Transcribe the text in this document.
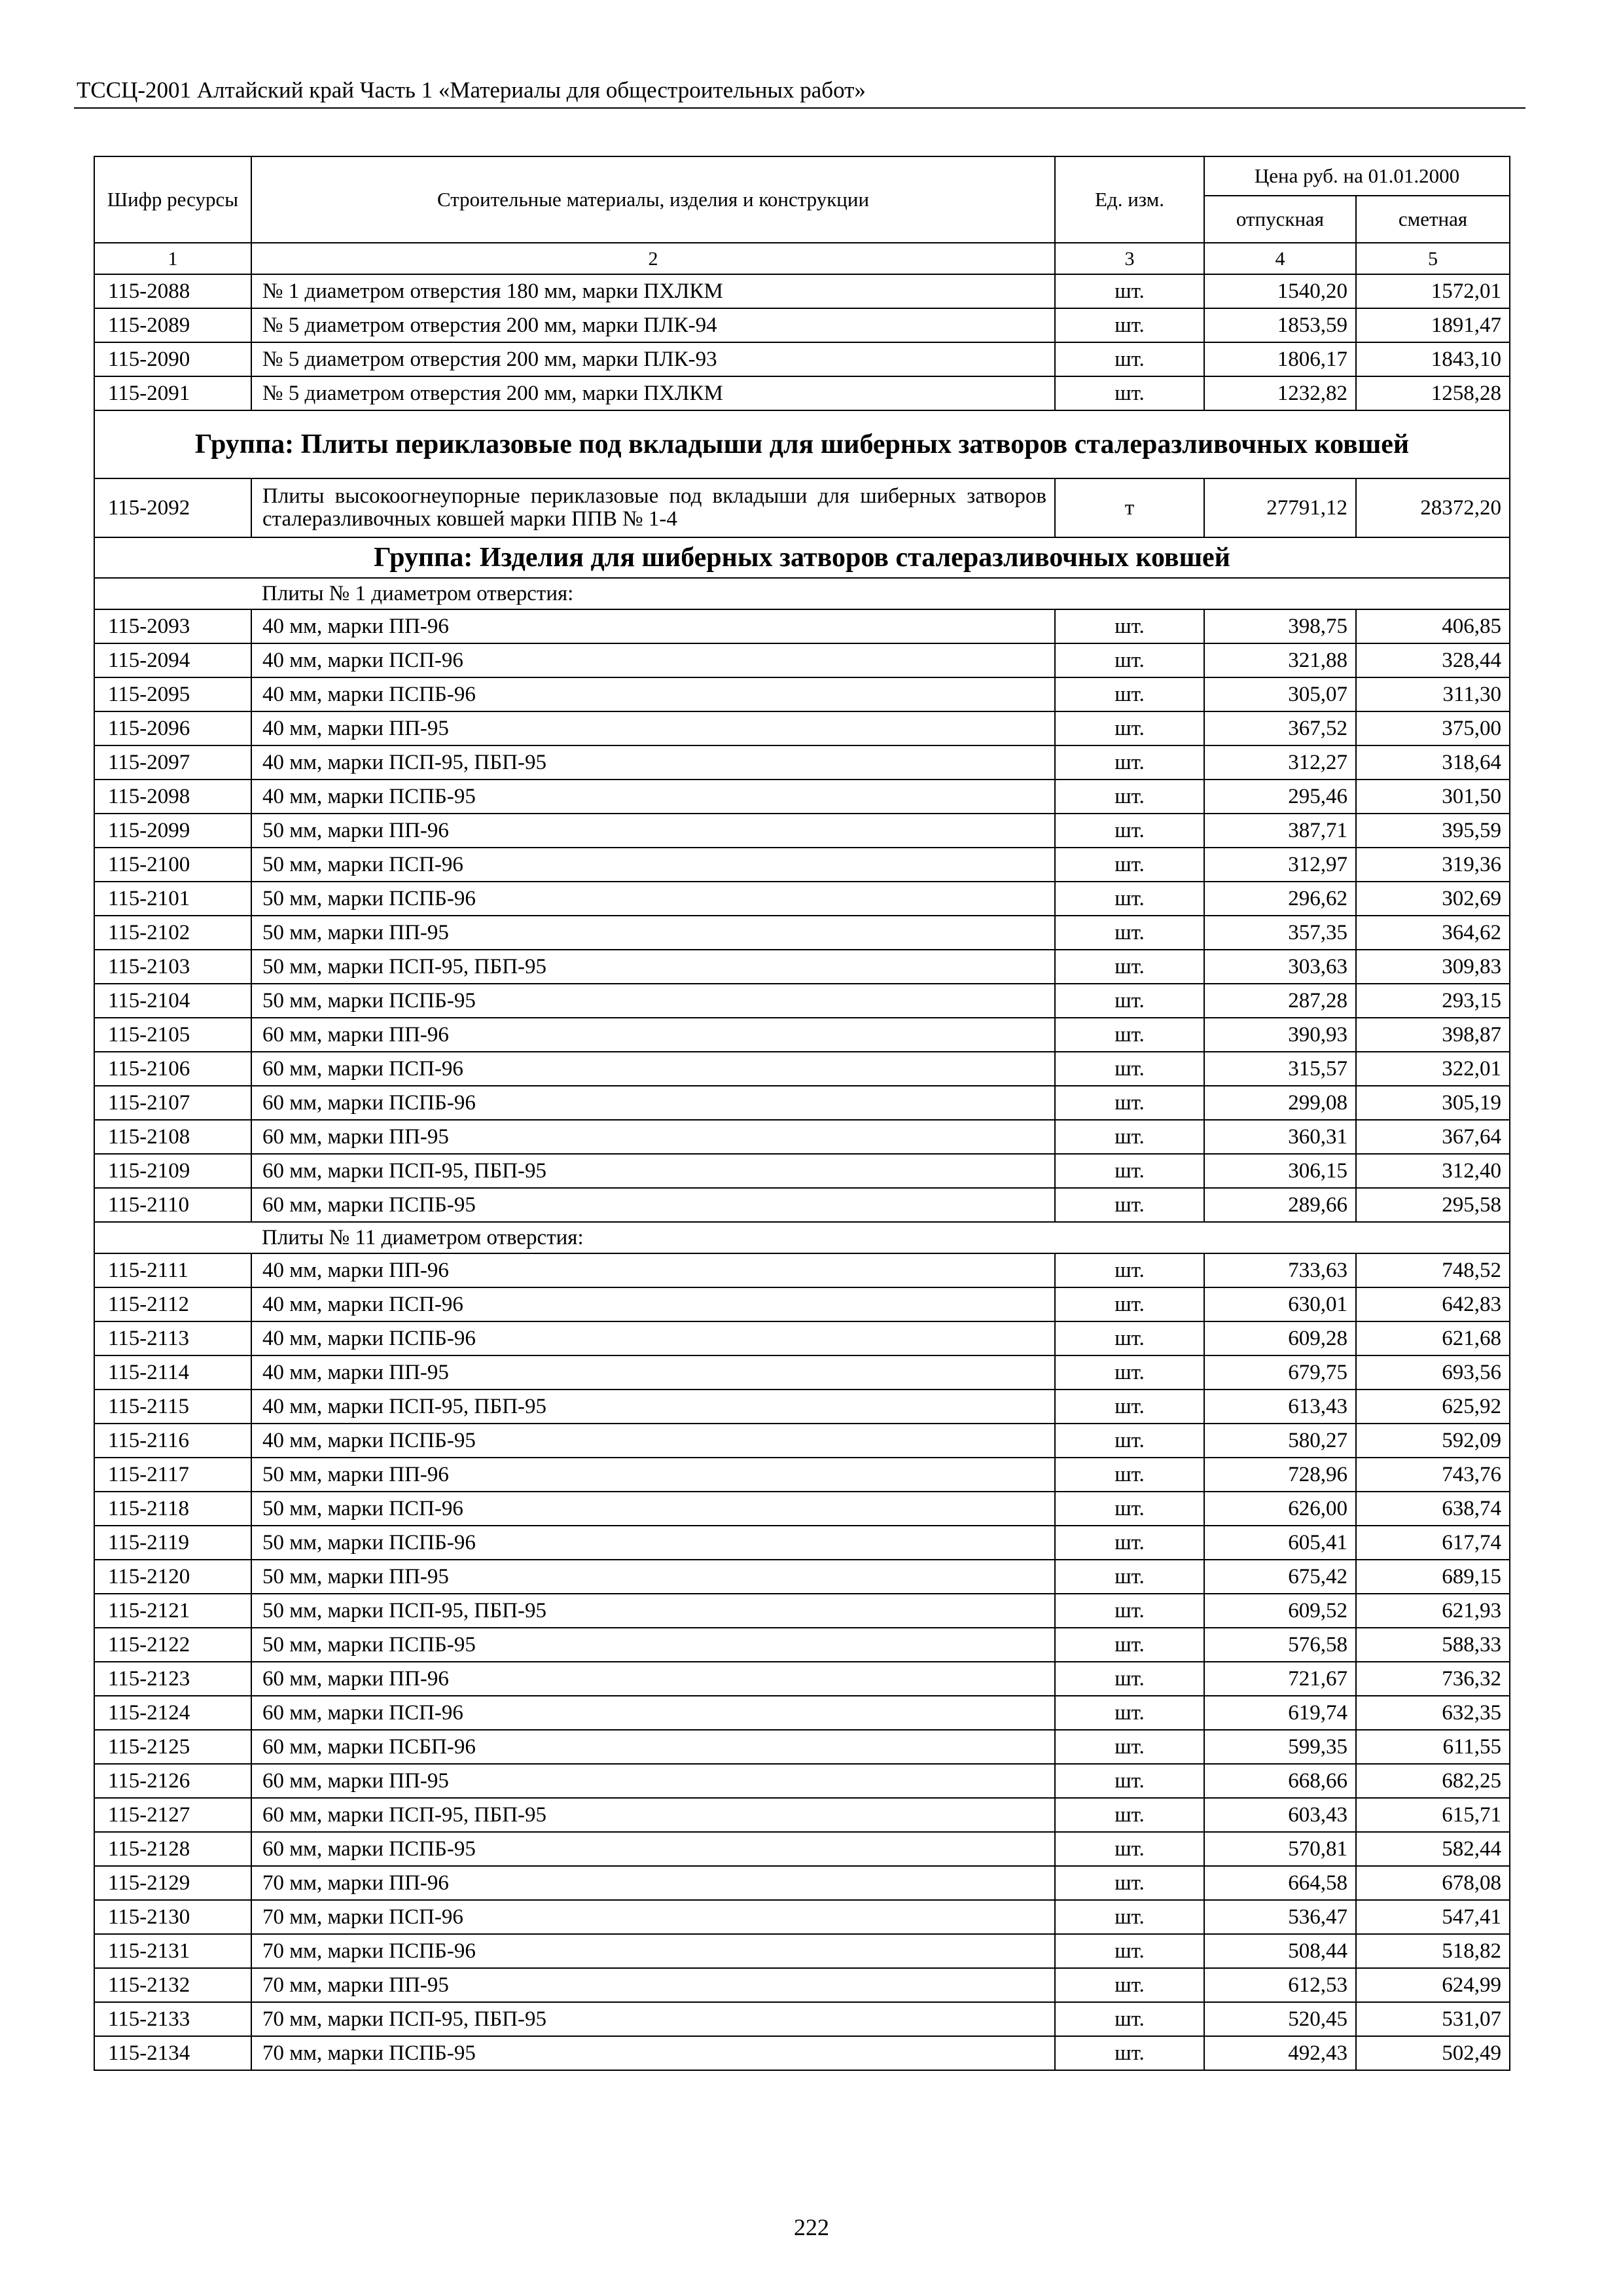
ТССЦ-2001 Алтайский край Часть 1 «Материалы для общестроительных работ»
Шифр ресурсы	Строительные материалы, изделия и конструкции	Ед. изм.	Цена руб. на 01.01.2000	
			отпускная	сметная
1	2	3	4	5
115-2088	№ 1 диаметром отверстия 180 мм, марки ПХЛКМ	шт.	1540,20	1572,01
115-2089	№ 5 диаметром отверстия 200 мм, марки ПЛК-94	шт.	1853,59	1891,47
115-2090	№ 5 диаметром отверстия 200 мм, марки ПЛК-93	шт.	1806,17	1843,10
115-2091	№ 5 диаметром отверстия 200 мм, марки ПХЛКМ	шт.	1232,82	1258,28
Группа: Плиты периклазовые под вкладыши для шиберных затворов сталеразливочных ковшей				
115-2092	Плиты высокоогнеупорные периклазовые под вкладыши для шиберных затворов сталеразливочных ковшей марки ППВ № 1-4	т	27791,12	28372,20
Группа: Изделия для шиберных затворов сталеразливочных ковшей				
	Плиты № 1 диаметром отверстия:			
115-2093	40 мм, марки ПП-96	шт.	398,75	406,85
115-2094	40 мм, марки ПСП-96	шт.	321,88	328,44
115-2095	40 мм, марки ПСПБ-96	шт.	305,07	311,30
115-2096	40 мм, марки ПП-95	шт.	367,52	375,00
115-2097	40 мм, марки ПСП-95, ПБП-95	шт.	312,27	318,64
115-2098	40 мм, марки ПСПБ-95	шт.	295,46	301,50
115-2099	50 мм, марки ПП-96	шт.	387,71	395,59
115-2100	50 мм, марки ПСП-96	шт.	312,97	319,36
115-2101	50 мм, марки ПСПБ-96	шт.	296,62	302,69
115-2102	50 мм, марки ПП-95	шт.	357,35	364,62
115-2103	50 мм, марки ПСП-95, ПБП-95	шт.	303,63	309,83
115-2104	50 мм, марки ПСПБ-95	шт.	287,28	293,15
115-2105	60 мм, марки ПП-96	шт.	390,93	398,87
115-2106	60 мм, марки ПСП-96	шт.	315,57	322,01
115-2107	60 мм, марки ПСПБ-96	шт.	299,08	305,19
115-2108	60 мм, марки ПП-95	шт.	360,31	367,64
115-2109	60 мм, марки ПСП-95, ПБП-95	шт.	306,15	312,40
115-2110	60 мм, марки ПСПБ-95	шт.	289,66	295,58
	Плиты № 11 диаметром отверстия:			
115-2111	40 мм, марки ПП-96	шт.	733,63	748,52
115-2112	40 мм, марки ПСП-96	шт.	630,01	642,83
115-2113	40 мм, марки ПСПБ-96	шт.	609,28	621,68
115-2114	40 мм, марки ПП-95	шт.	679,75	693,56
115-2115	40 мм, марки ПСП-95, ПБП-95	шт.	613,43	625,92
115-2116	40 мм, марки ПСПБ-95	шт.	580,27	592,09
115-2117	50 мм, марки ПП-96	шт.	728,96	743,76
115-2118	50 мм, марки ПСП-96	шт.	626,00	638,74
115-2119	50 мм, марки ПСПБ-96	шт.	605,41	617,74
115-2120	50 мм, марки ПП-95	шт.	675,42	689,15
115-2121	50 мм, марки ПСП-95, ПБП-95	шт.	609,52	621,93
115-2122	50 мм, марки ПСПБ-95	шт.	576,58	588,33
115-2123	60 мм, марки ПП-96	шт.	721,67	736,32
115-2124	60 мм, марки ПСП-96	шт.	619,74	632,35
115-2125	60 мм, марки ПСБП-96	шт.	599,35	611,55
115-2126	60 мм, марки ПП-95	шт.	668,66	682,25
115-2127	60 мм, марки ПСП-95, ПБП-95	шт.	603,43	615,71
115-2128	60 мм, марки ПСПБ-95	шт.	570,81	582,44
115-2129	70 мм, марки ПП-96	шт.	664,58	678,08
115-2130	70 мм, марки ПСП-96	шт.	536,47	547,41
115-2131	70 мм, марки ПСПБ-96	шт.	508,44	518,82
115-2132	70 мм, марки ПП-95	шт.	612,53	624,99
115-2133	70 мм, марки ПСП-95, ПБП-95	шт.	520,45	531,07
115-2134	70 мм, марки ПСПБ-95	шт.	492,43	502,49
222
